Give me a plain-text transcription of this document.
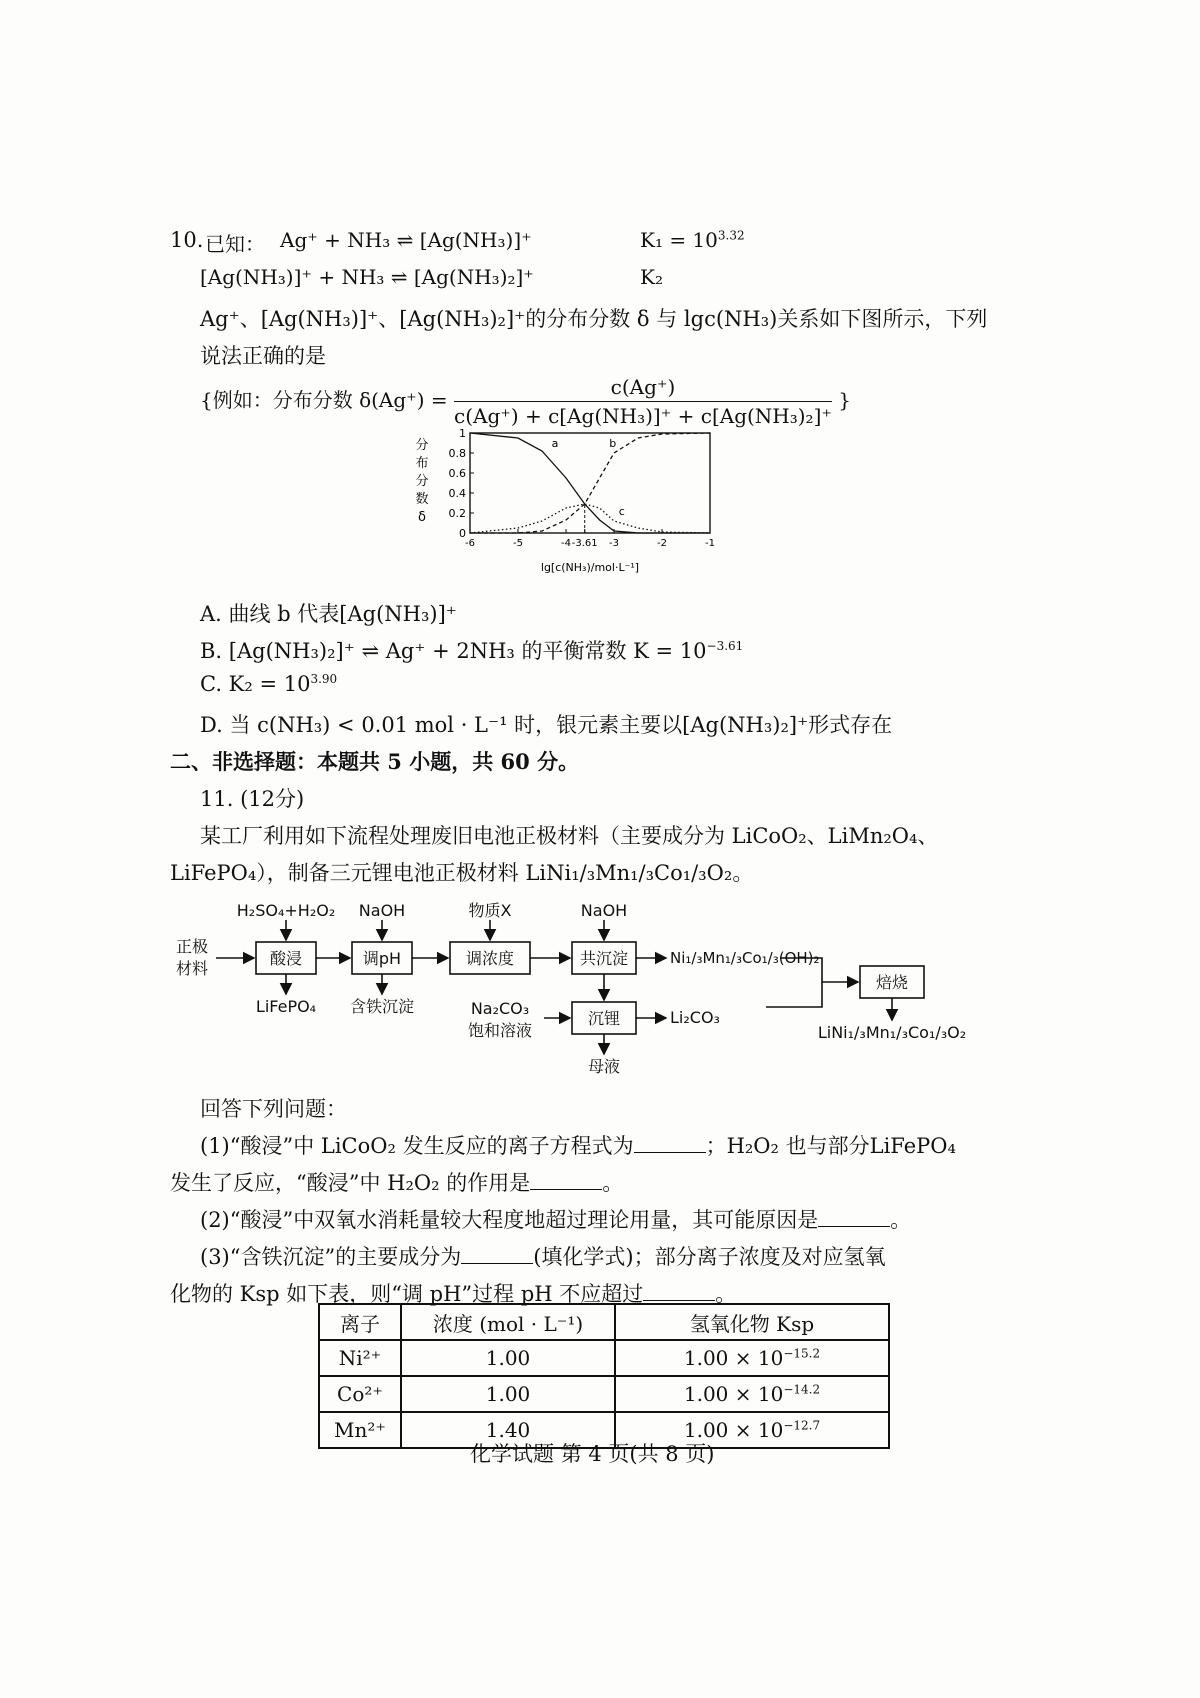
10. 已知： Ag⁺ + NH₃ ⇌ [Ag(NH₃)]⁺	$K_1 = 10^{3.32}$
[Ag(NH₃)]⁺ + NH₃ ⇌ [Ag(NH₃)₂]⁺	K₂
Ag⁺、[Ag(NH₃)]⁺、[Ag(NH₃)₂]⁺的分布分数 δ 与 lgc(NH₃)关系如下图所示，下列
说法正确的是
{例如：分布分数 $\delta(Ag^+) = \frac{c(Ag^+)}{\text{c(Ag⁺) + c[Ag(NH₃)]⁺ + c[Ag(NH₃)₂]⁺}}$ }
0
0.2
0.4
0.6
0.8
1
-6	-5	-4 -3.61 -3	-2	-1
a	b
c
分
布
分
数
δ
lg[c(NH₃)/mol·L⁻¹]
A. 曲线 b 代表[Ag(NH₃)]⁺
B. [Ag(NH₃)₂]⁺ ⇌ Ag⁺ + 2NH₃ 的平衡常数 $K = 10^{-3.61}$
C. $K_2 = 10^{3.90}$
D. 当 c(NH₃) < 0.01 mol · L⁻¹ 时，银元素主要以[Ag(NH₃)₂]⁺形式存在
二、非选择题：本题共 5 小题，共 60 分。
11. (12分)
某工厂利用如下流程处理废旧电池正极材料（主要成分为 LiCoO₂、LiMn₂O₄、
LiFePO₄），制备三元锂电池正极材料 LiNi₁/₃Mn₁/₃Co₁/₃O₂。
正极
材料
H₂SO₄+H₂O₂
酸浸
LiFePO₄
NaOH
调pH
含铁沉淀
物质X
调浓度
NaOH
共沉淀
沉锂
Na₂CO₃
饱和溶液
母液
焙烧
LiNi₁/₃Mn₁/₃Co₁/₃O₂
Ni₁/₃Mn₁/₃Co₁/₃(OH)₂
Li₂CO₃
回答下列问题：
(1)“酸浸”中 LiCoO₂ 发生反应的离子方程式为	；H₂O₂ 也与部分LiFePO₄
发生了反应，“酸浸”中 H₂O₂ 的作用是	。
(2)“酸浸”中双氧水消耗量较大程度地超过理论用量，其可能原因是	。
(3)“含铁沉淀”的主要成分为	(填化学式)；部分离子浓度及对应氢氧
化物的 Ksp 如下表，则“调 pH”过程 pH 不应超过	。
离子	浓度 (mol · L⁻¹)	氢氧化物 Ksp
Ni²⁺	1.00	$1.00 \times 10^{-15.2}$
Co²⁺	1.00	$1.00 \times 10^{-14.2}$
Mn²⁺	1.40	$1.00 \times 10^{-12.7}$
化学试题 第 4 页(共 8 页)
